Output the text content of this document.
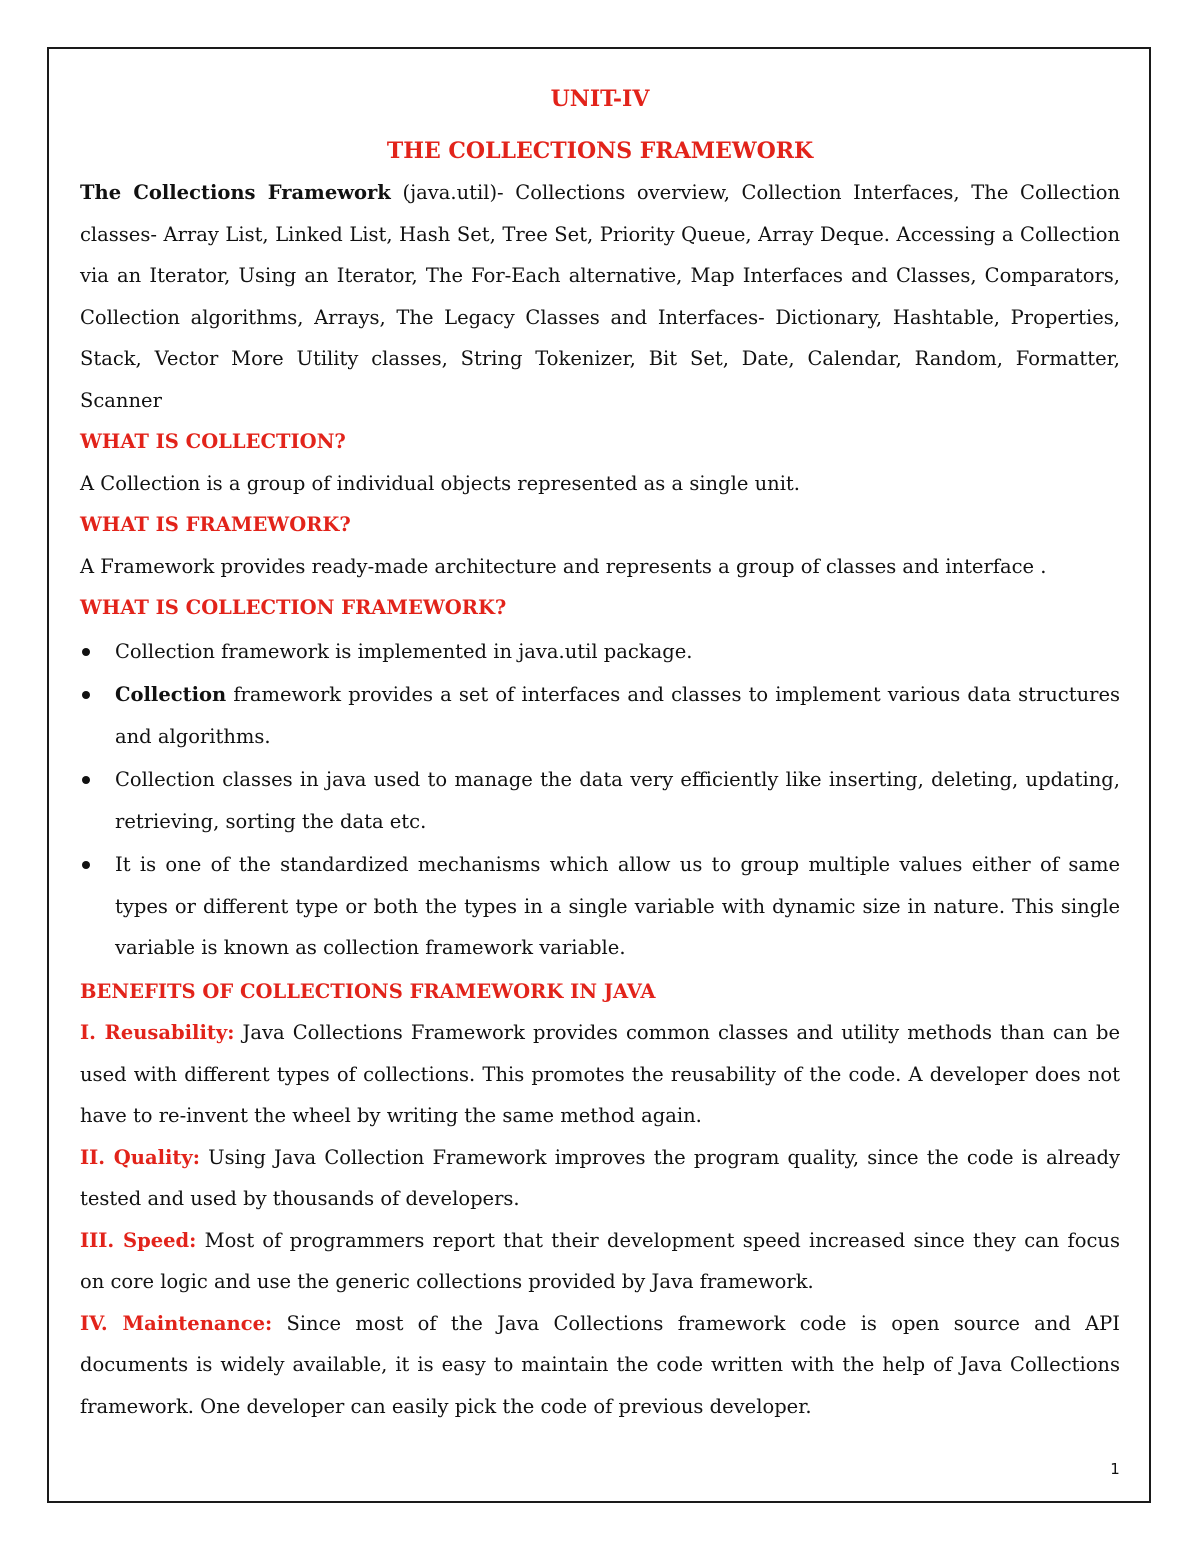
UNIT-IV
THE COLLECTIONS FRAMEWORK

The Collections Framework (java.util)- Collections overview, Collection Interfaces, The Collection classes- Array List, Linked List, Hash Set, Tree Set, Priority Queue, Array Deque. Accessing a Collection via an Iterator, Using an Iterator, The For-Each alternative, Map Interfaces and Classes, Comparators, Collection algorithms, Arrays, The Legacy Classes and Interfaces- Dictionary, Hashtable, Properties, Stack, Vector More Utility classes, String Tokenizer, Bit Set, Date, Calendar, Random, Formatter, Scanner

WHAT IS COLLECTION?

A Collection is a group of individual objects represented as a single unit.

WHAT IS FRAMEWORK?

A Framework provides ready-made architecture and represents a group of classes and interface .

WHAT IS COLLECTION FRAMEWORK?
Collection framework is implemented in java.util package.
Collection framework provides a set of interfaces and classes to implement various data structures and algorithms.
Collection classes in java used to manage the data very efficiently like inserting, deleting, updating, retrieving, sorting the data etc.
It is one of the standardized mechanisms which allow us to group multiple values either of same types or different type or both the types in a single variable with dynamic size in nature. This single variable is known as collection framework variable.
BENEFITS OF COLLECTIONS FRAMEWORK IN JAVA

I. Reusability: Java Collections Framework provides common classes and utility methods than can be used with different types of collections. This promotes the reusability of the code. A developer does not have to re-invent the wheel by writing the same method again.

II. Quality: Using Java Collection Framework improves the program quality, since the code is already tested and used by thousands of developers.

III. Speed: Most of programmers report that their development speed increased since they can focus on core logic and use the generic collections provided by Java framework.

IV. Maintenance: Since most of the Java Collections framework code is open source and API documents is widely available, it is easy to maintain the code written with the help of Java Collections framework. One developer can easily pick the code of previous developer.

1
